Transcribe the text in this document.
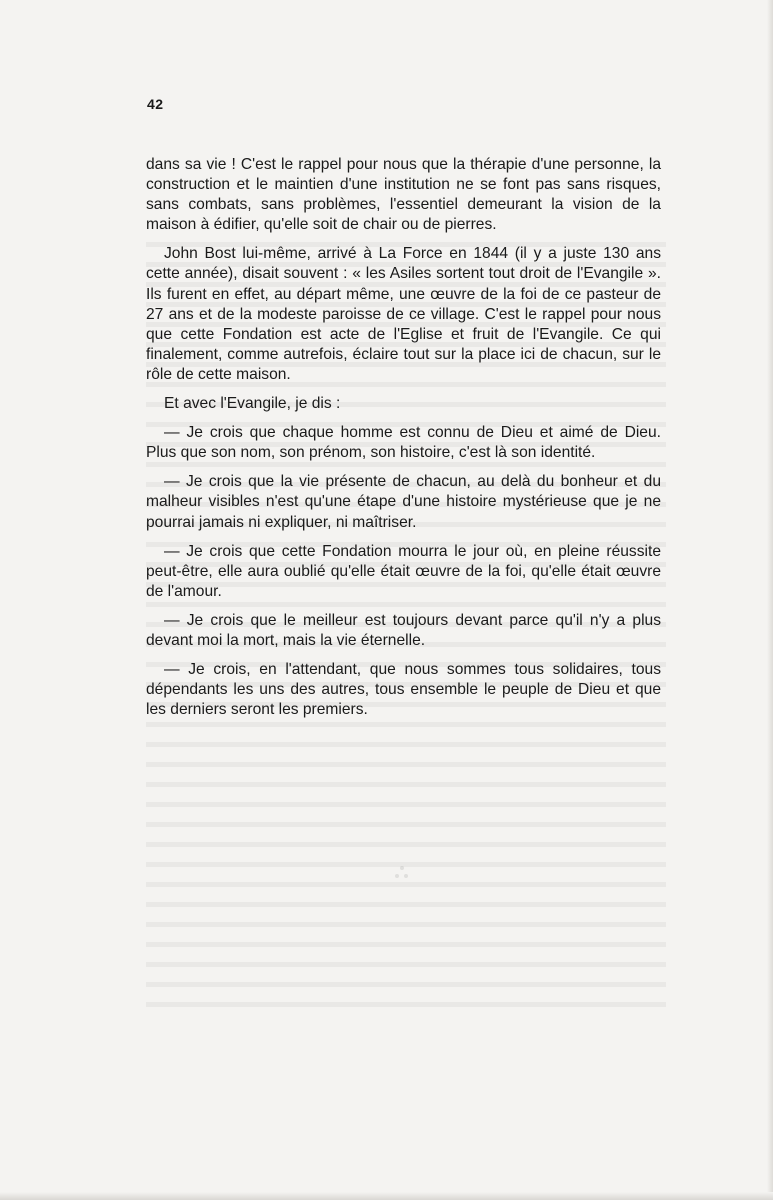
42

dans sa vie ! C'est le rappel pour nous que la thérapie d'une personne, la construction et le maintien d'une institution ne se font pas sans risques, sans combats, sans problèmes, l'essentiel demeurant la vision de la maison à édifier, qu'elle soit de chair ou de pierres.

John Bost lui-même, arrivé à La Force en 1844 (il y a juste 130 ans cette année), disait souvent : « les Asiles sortent tout droit de l'Evangile ». Ils furent en effet, au départ même, une œuvre de la foi de ce pasteur de 27 ans et de la modeste paroisse de ce village. C'est le rappel pour nous que cette Fondation est acte de l'Eglise et fruit de l'Evangile. Ce qui finalement, comme autrefois, éclaire tout sur la place ici de chacun, sur le rôle de cette maison.

Et avec l'Evangile, je dis :

— Je crois que chaque homme est connu de Dieu et aimé de Dieu. Plus que son nom, son prénom, son histoire, c'est là son identité.

— Je crois que la vie présente de chacun, au delà du bonheur et du malheur visibles n'est qu'une étape d'une histoire mystérieuse que je ne pourrai jamais ni expliquer, ni maîtriser.

— Je crois que cette Fondation mourra le jour où, en pleine réussite peut-être, elle aura oublié qu'elle était œuvre de la foi, qu'elle était œuvre de l'amour.

— Je crois que le meilleur est toujours devant parce qu'il n'y a plus devant moi la mort, mais la vie éternelle.

— Je crois, en l'attendant, que nous sommes tous solidaires, tous dépendants les uns des autres, tous ensemble le peuple de Dieu et que les derniers seront les premiers.
